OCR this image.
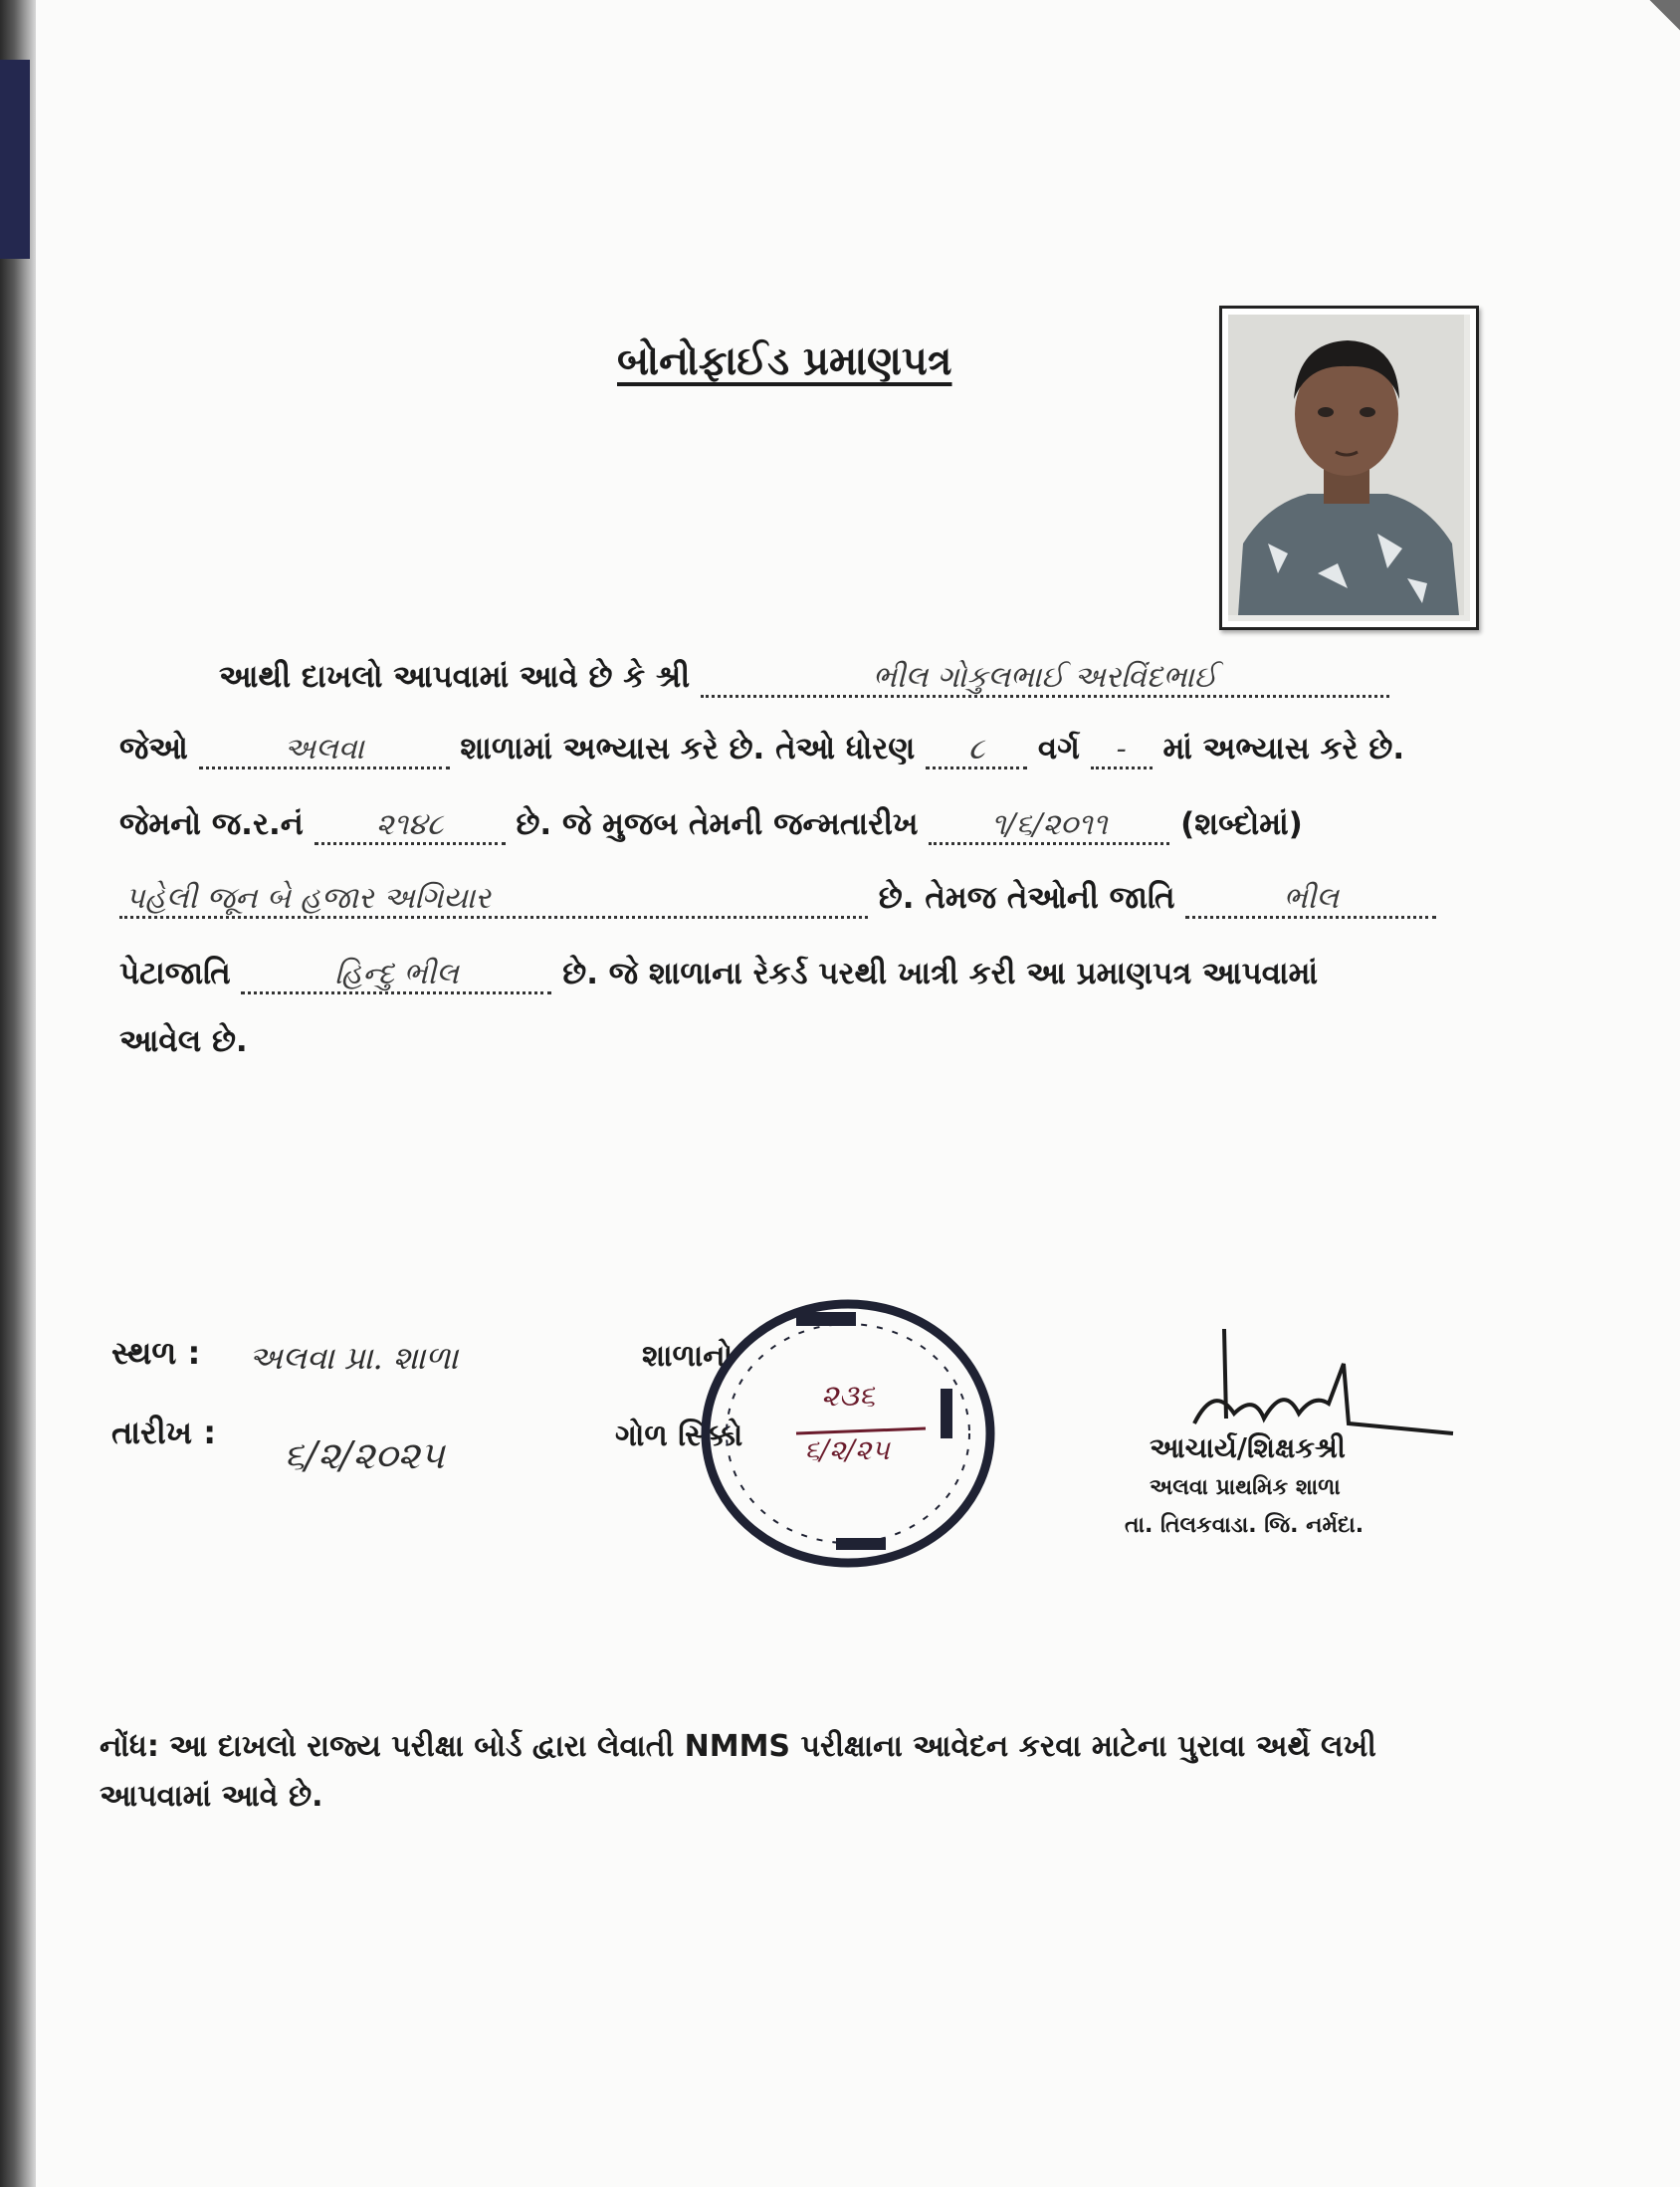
બોનોફાઈડ પ્રમાણપત્ર
આથી દાખલો આપવામાં આવે છે કે શ્રી	ભીલ ગોકુલભાઈ અરવિંદભાઈ
જેઓ	અલવા	શાળામાં અભ્યાસ કરે છે. તેઓ ધોરણ ૮ વર્ગ - માં અભ્યાસ કરે છે.
જેમનો જ.ર.નં ૨૧૪૮ છે. જે મુજબ તેમની જન્મતારીખ ૧/૬/૨૦૧૧ (શબ્દોમાં)
પહેલી જૂન બે હજાર અગિયાર	છે. તેમજ તેઓની જાતિ	ભીલ
પેટાજાતિ	હિન્દુ ભીલ	છે. જે શાળાના રેકર્ડ પરથી ખાત્રી કરી આ પ્રમાણપત્ર આપવામાં
આવેલ છે.
સ્થળ : અલવા પ્રા. શાળા
તારીખ :
૬/૨/૨૦૨૫
શાળાનો
ગોળ સિક્કો
૨૩૬
૬/૨/૨૫	આચાર્ય/શિક્ષકશ્રી
અલવા પ્રાથમિક શાળા
તા. તિલકવાડા. જિ. નર્મદા.
નોંધ: આ દાખલો રાજ્ય પરીક્ષા બોર્ડ દ્વારા લેવાતી NMMS પરીક્ષાના આવેદન કરવા માટેના પુરાવા અર્થે લખી આપવામાં આવે છે.
